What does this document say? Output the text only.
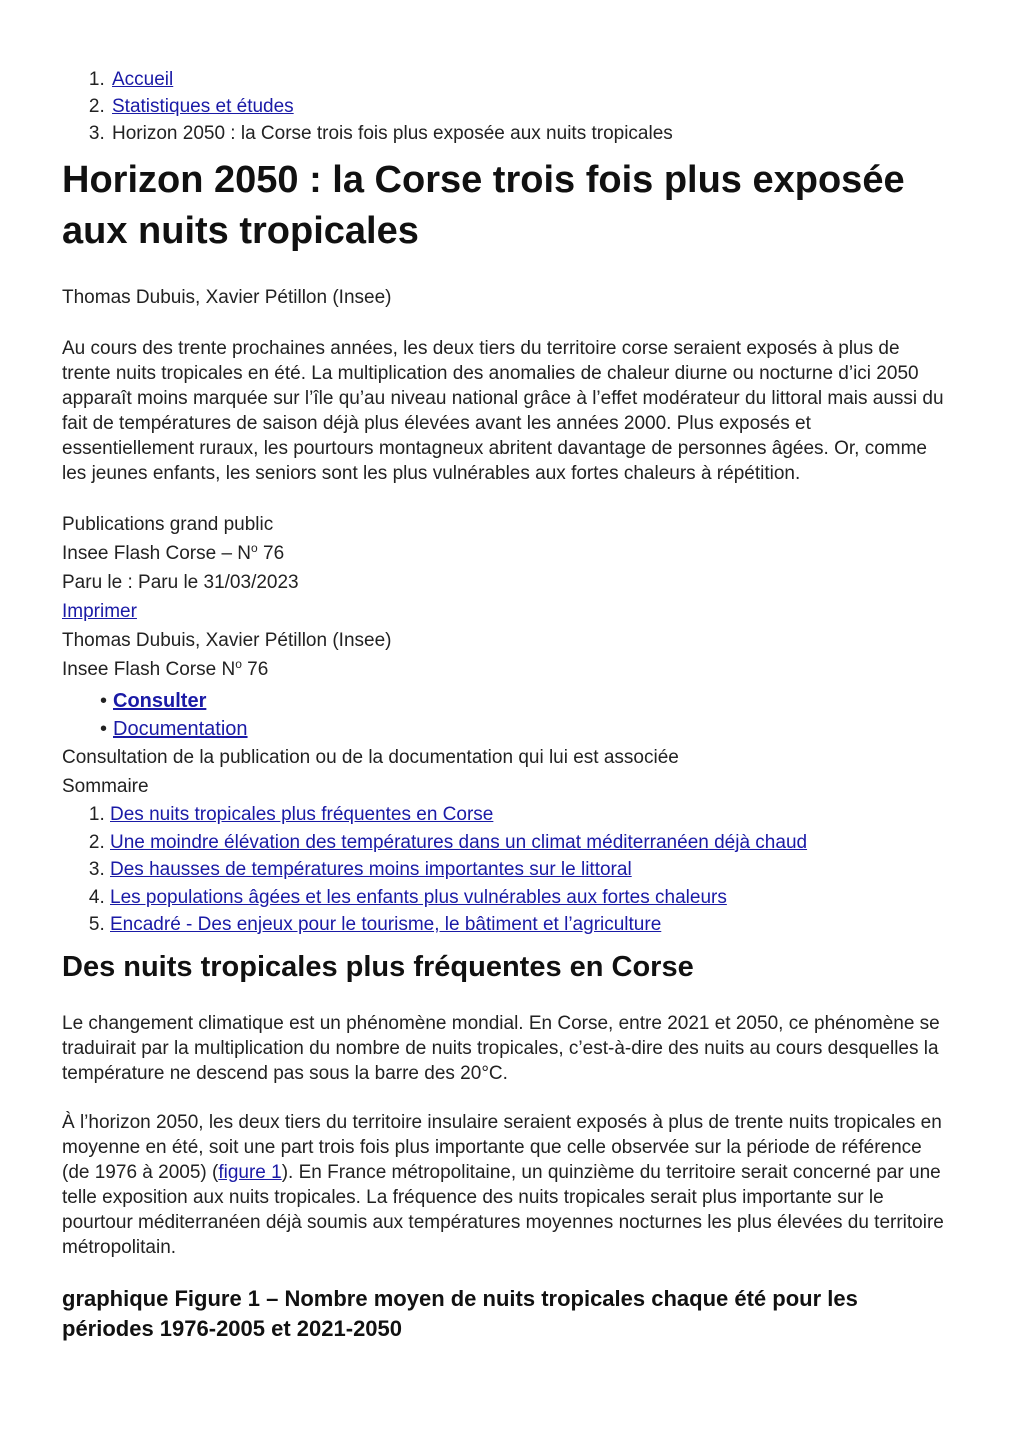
1. Accueil
2. Statistiques et études
3. Horizon 2050 : la Corse trois fois plus exposée aux nuits tropicales
Horizon 2050 : la Corse trois fois plus exposée aux nuits tropicales
Thomas Dubuis, Xavier Pétillon (Insee)
Au cours des trente prochaines années, les deux tiers du territoire corse seraient exposés à plus de trente nuits tropicales en été. La multiplication des anomalies de chaleur diurne ou nocturne d’ici 2050 apparaît moins marquée sur l’île qu’au niveau national grâce à l’effet modérateur du littoral mais aussi du fait de températures de saison déjà plus élevées avant les années 2000. Plus exposés et essentiellement ruraux, les pourtours montagneux abritent davantage de personnes âgées. Or, comme les jeunes enfants, les seniors sont les plus vulnérables aux fortes chaleurs à répétition.
Publications grand public
Insee Flash Corse – $N^o$ 76
Paru le : Paru le 31/03/2023
Imprimer
Thomas Dubuis, Xavier Pétillon (Insee)
Insee Flash Corse $N^o$ 76
• Consulter
• Documentation
Consultation de la publication ou de la documentation qui lui est associée
Sommaire
1. Des nuits tropicales plus fréquentes en Corse
2. Une moindre élévation des températures dans un climat méditerranéen déjà chaud
3. Des hausses de températures moins importantes sur le littoral
4. Les populations âgées et les enfants plus vulnérables aux fortes chaleurs
5. Encadré - Des enjeux pour le tourisme, le bâtiment et l’agriculture
Des nuits tropicales plus fréquentes en Corse

Le changement climatique est un phénomène mondial. En Corse, entre 2021 et 2050, ce phénomène se traduirait par la multiplication du nombre de nuits tropicales, c’est-à-dire des nuits au cours desquelles la température ne descend pas sous la barre des 20°C.

À l’horizon 2050, les deux tiers du territoire insulaire seraient exposés à plus de trente nuits tropicales en moyenne en été, soit une part trois fois plus importante que celle observée sur la période de référence (de 1976 à 2005) (figure 1). En France métropolitaine, un quinzième du territoire serait concerné par une telle exposition aux nuits tropicales. La fréquence des nuits tropicales serait plus importante sur le pourtour méditerranéen déjà soumis aux températures moyennes nocturnes les plus élevées du territoire métropolitain.

graphique Figure 1 – Nombre moyen de nuits tropicales chaque été pour les périodes 1976-2005 et 2021-2050
